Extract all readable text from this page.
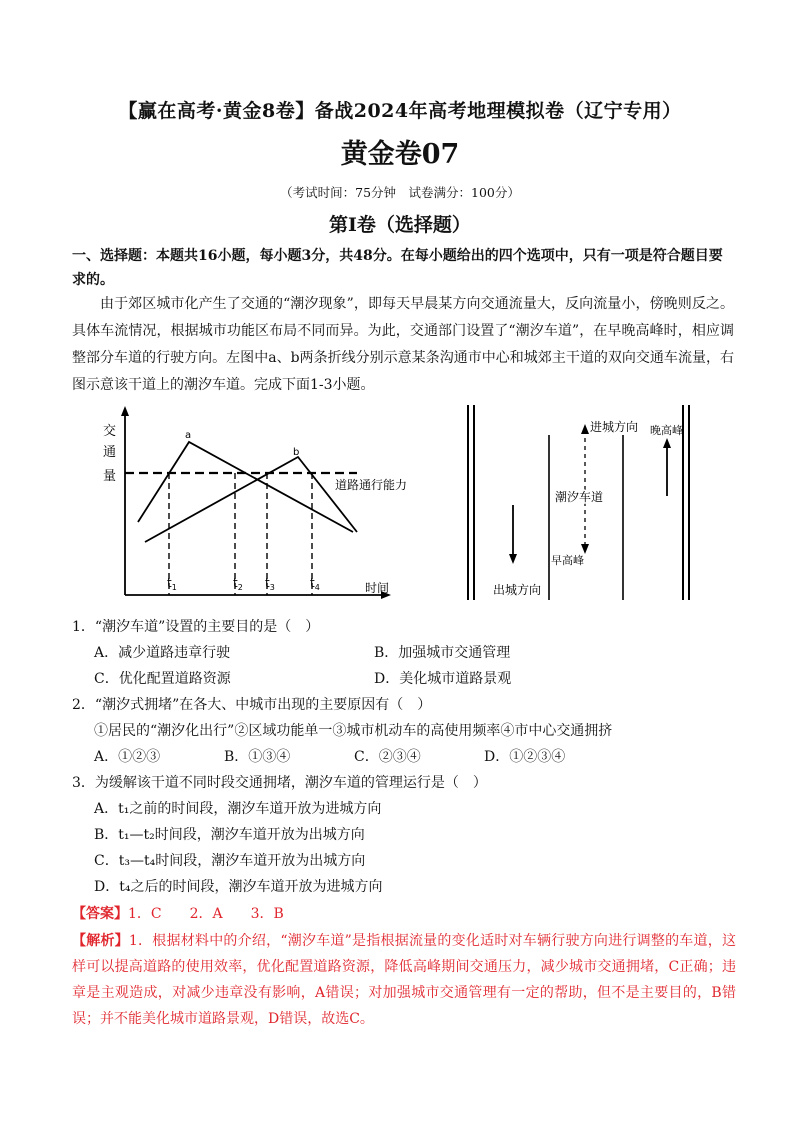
【赢在高考·黄金8卷】备战2024年高考地理模拟卷（辽宁专用）
黄金卷07
（考试时间：75分钟　试卷满分：100分）
第Ⅰ卷（选择题）
一、选择题：本题共16小题，每小题3分，共48分。在每小题给出的四个选项中，只有一项是符合题目要求的。
由于郊区城市化产生了交通的“潮汐现象”，即每天早晨某方向交通流量大，反向流量小，傍晚则反之。具体车流情况，根据城市功能区布局不同而异。为此，交通部门设置了“潮汐车道”，在早晚高峰时，相应调整部分车道的行驶方向。左图中a、b两条折线分别示意某条沟通市中心和城郊主干道的双向交通车流量，右图示意该干道上的潮汐车道。完成下面1-3小题。
交
通
量
时间
道路通行能力
a
b
$t_1$	$t_2$ $t_3$	$t_4$	出城方向
潮汐车道
早高峰
进城方向 晚高峰
1．“潮汐车道”设置的主要目的是（　）
A．减少道路违章行驶	B．加强城市交通管理
C．优化配置道路资源	D．美化城市道路景观
2．“潮汐式拥堵”在各大、中城市出现的主要原因有（　）
①居民的“潮汐化出行”②区域功能单一③城市机动车的高使用频率④市中心交通拥挤
A．①②③	B．①③④	C．②③④	D．①②③④
3．为缓解该干道不同时段交通拥堵，潮汐车道的管理运行是（　）
A．t₁之前的时间段，潮汐车道开放为进城方向
B．t₁—t₂时间段，潮汐车道开放为出城方向
C．t₃—t₄时间段，潮汐车道开放为出城方向
D．t₄之后的时间段，潮汐车道开放为进城方向
【答案】1．C　　2．A　　3．B
【解析】1．根据材料中的介绍，“潮汐车道”是指根据流量的变化适时对车辆行驶方向进行调整的车道，这样可以提高道路的使用效率，优化配置道路资源，降低高峰期间交通压力，减少城市交通拥堵，C正确；违章是主观造成，对减少违章没有影响，A错误；对加强城市交通管理有一定的帮助，但不是主要目的，B错误；并不能美化城市道路景观，D错误，故选C。
